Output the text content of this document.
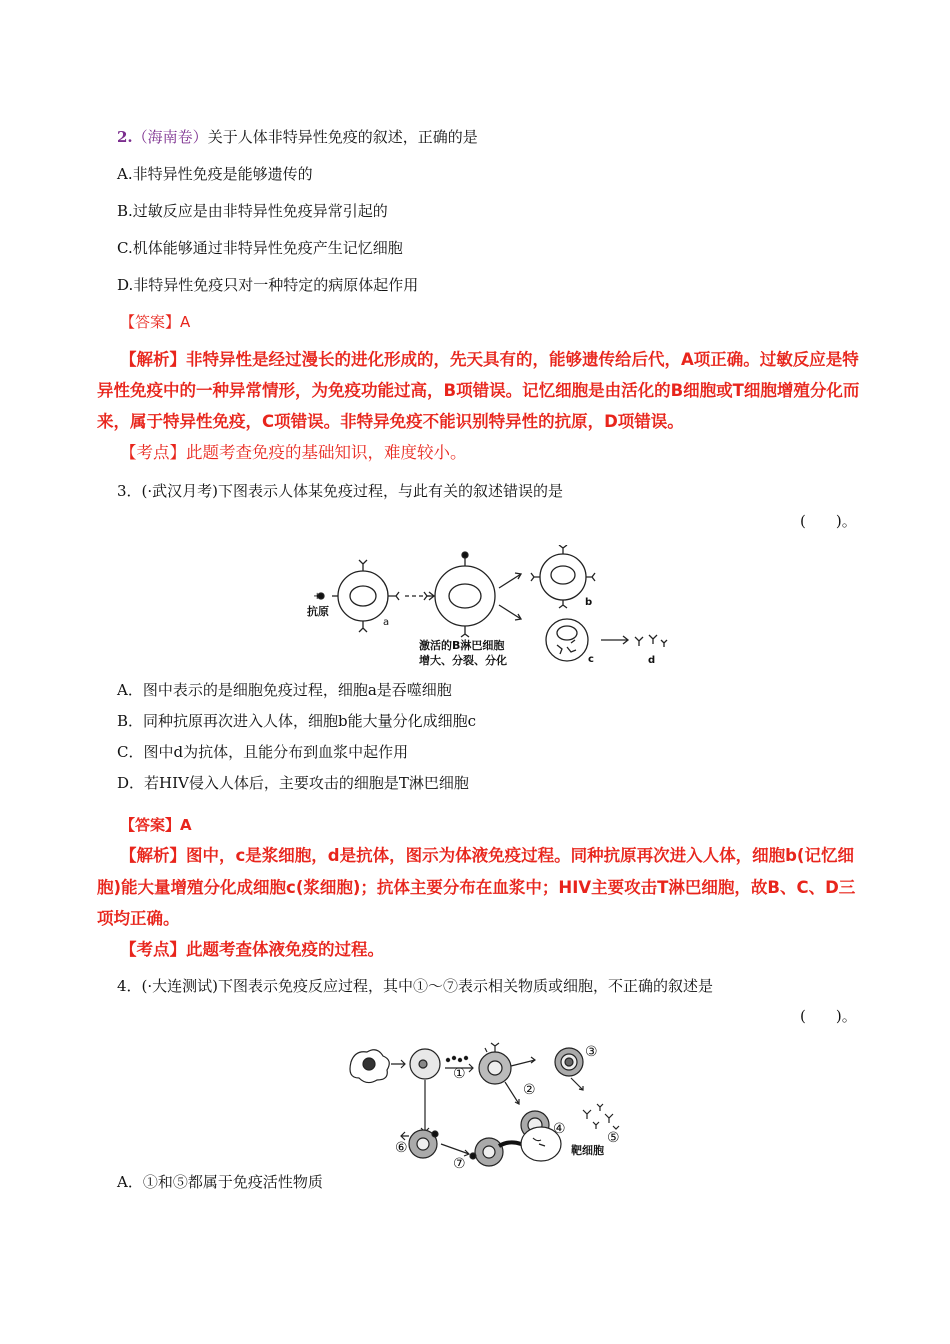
2.（海南卷）关于人体非特异性免疫的叙述，正确的是
A.非特异性免疫是能够遗传的
B.过敏反应是由非特异性免疫异常引起的
C.机体能够通过非特异性免疫产生记忆细胞
D.非特异性免疫只对一种特定的病原体起作用
【答案】A
【解析】非特异性是经过漫长的进化形成的，先天具有的，能够遗传给后代，A项正确。过敏反应是特
异性免疫中的一种异常情形，为免疫功能过高，B项错误。记忆细胞是由活化的B细胞或T细胞增殖分化而
来，属于特异性免疫，C项错误。非特异免疫不能识别特异性的抗原，D项错误。
【考点】此题考查免疫的基础知识，难度较小。
3．(·武汉月考)下图表示人体某免疫过程，与此有关的叙述错误的是
(　　)。
抗原
+
a
b
c	d
激活的B淋巴细胞
增大、分裂、分化
A．图中表示的是细胞免疫过程，细胞a是吞噬细胞
B．同种抗原再次进入人体，细胞b能大量分化成细胞c
C．图中d为抗体，且能分布到血浆中起作用
D．若HIV侵入人体后，主要攻击的细胞是T淋巴细胞
【答案】A
【解析】图中，c是浆细胞，d是抗体，图示为体液免疫过程。同种抗原再次进入人体，细胞b(记忆细
胞)能大量增殖分化成细胞c(浆细胞)；抗体主要分布在血浆中；HIV主要攻击T淋巴细胞，故B、C、D三
项均正确。
【考点】此题考查体液免疫的过程。
4．(·大连测试)下图表示免疫反应过程，其中①～⑦表示相关物质或细胞，不正确的叙述是
(　　)。
①
②
③
④
⑤
⑥
⑦
靶细胞
A．①和⑤都属于免疫活性物质
